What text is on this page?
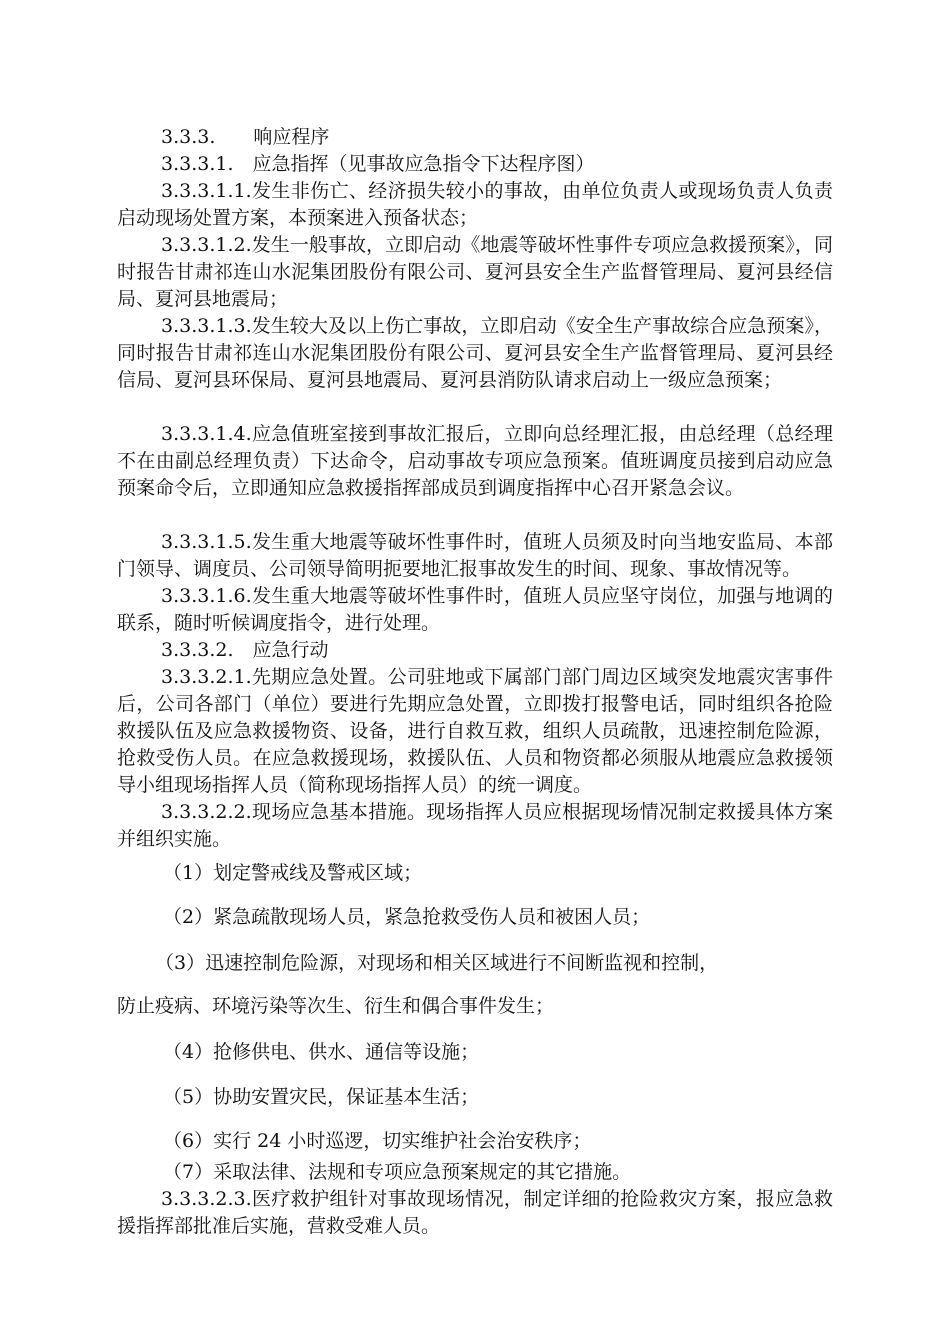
3.3.3.　　响应程序

3.3.3.1.　应急指挥（见事故应急指令下达程序图）

3.3.3.1.1.发生非伤亡、经济损失较小的事故，由单位负责人或现场负责人负责启动现场处置方案，本预案进入预备状态；

3.3.3.1.2.发生一般事故，立即启动《地震等破坏性事件专项应急救援预案》，同时报告甘肃祁连山水泥集团股份有限公司、夏河县安全生产监督管理局、夏河县经信局、夏河县地震局；

3.3.3.1.3.发生较大及以上伤亡事故，立即启动《安全生产事故综合应急预案》，同时报告甘肃祁连山水泥集团股份有限公司、夏河县安全生产监督管理局、夏河县经信局、夏河县环保局、夏河县地震局、夏河县消防队请求启动上一级应急预案；

3.3.3.1.4.应急值班室接到事故汇报后，立即向总经理汇报，由总经理（总经理不在由副总经理负责）下达命令，启动事故专项应急预案。值班调度员接到启动应急预案命令后，立即通知应急救援指挥部成员到调度指挥中心召开紧急会议。

3.3.3.1.5.发生重大地震等破坏性事件时，值班人员须及时向当地安监局、本部门领导、调度员、公司领导简明扼要地汇报事故发生的时间、现象、事故情况等。

3.3.3.1.6.发生重大地震等破坏性事件时，值班人员应坚守岗位，加强与地调的联系，随时听候调度指令，进行处理。

3.3.3.2.　应急行动

3.3.3.2.1.先期应急处置。公司驻地或下属部门部门周边区域突发地震灾害事件后，公司各部门（单位）要进行先期应急处置，立即拨打报警电话，同时组织各抢险救援队伍及应急救援物资、设备，进行自救互救，组织人员疏散，迅速控制危险源，抢救受伤人员。在应急救援现场，救援队伍、人员和物资都必须服从地震应急救援领导小组现场指挥人员（简称现场指挥人员）的统一调度。

3.3.3.2.2.现场应急基本措施。现场指挥人员应根据现场情况制定救援具体方案并组织实施。

（1）划定警戒线及警戒区域；

（2）紧急疏散现场人员，紧急抢救受伤人员和被困人员；

（3）迅速控制危险源，对现场和相关区域进行不间断监视和控制，

防止疫病、环境污染等次生、衍生和偶合事件发生；

（4）抢修供电、供水、通信等设施；

（5）协助安置灾民，保证基本生活；

（6）实行 24 小时巡逻，切实维护社会治安秩序；

（7）采取法律、法规和专项应急预案规定的其它措施。

3.3.3.2.3.医疗救护组针对事故现场情况，制定详细的抢险救灾方案，报应急救援指挥部批准后实施，营救受难人员。
